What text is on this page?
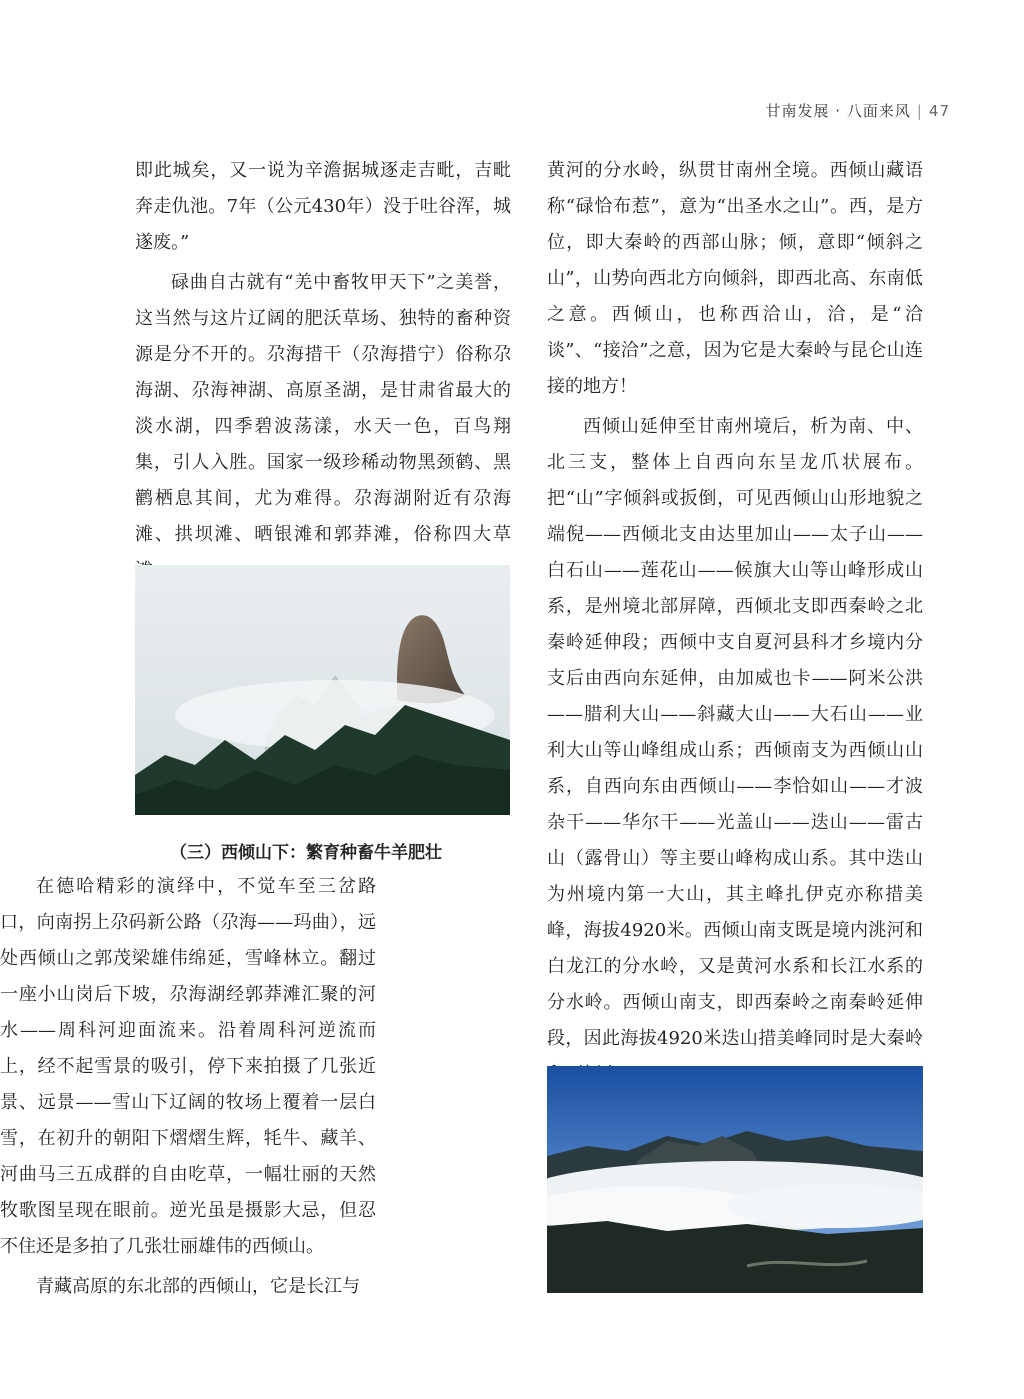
甘南发展 · 八面来风 | 47

即此城矣，又一说为辛澹据城逐走吉毗，吉毗奔走仇池。7年（公元430年）没于吐谷浑，城遂废。”

碌曲自古就有“羌中畜牧甲天下”之美誉，这当然与这片辽阔的肥沃草场、独特的畜种资源是分不开的。尕海措干（尕海措宁）俗称尕海湖、尕海神湖、高原圣湖，是甘肃省最大的淡水湖，四季碧波荡漾，水天一色，百鸟翔集，引人入胜。国家一级珍稀动物黑颈鹤、黑鹳栖息其间，尤为难得。尕海湖附近有尕海滩、拱坝滩、晒银滩和郭莽滩，俗称四大草

（三）西倾山下：繁育种畜牛羊肥壮

在德哈精彩的演绎中，不觉车至三岔路口，向南拐上尕码新公路（尕海——玛曲），远处西倾山之郭茂梁雄伟绵延，雪峰林立。翻过一座小山岗后下坡，尕海湖经郭莽滩汇聚的河水——周科河迎面流来。沿着周科河逆流而上，经不起雪景的吸引，停下来拍摄了几张近景、远景——雪山下辽阔的牧场上覆着一层白雪，在初升的朝阳下熠熠生辉，牦牛、藏羊、河曲马三五成群的自由吃草，一幅壮丽的天然牧歌图呈现在眼前。逆光虽是摄影大忌，但忍不住还是多拍了几张壮丽雄伟的西倾山。

青藏高原的东北部的西倾山，它是长江与

黄河的分水岭，纵贯甘南州全境。西倾山藏语称“碌恰布惹”，意为“出圣水之山”。西，是方位，即大秦岭的西部山脉；倾，意即“倾斜之山”，山势向西北方向倾斜，即西北高、东南低之意。西倾山，也称西洽山，洽，是“洽谈”、“接洽”之意，因为它是大秦岭与昆仑山连接的地方！

西倾山延伸至甘南州境后，析为南、中、北三支，整体上自西向东呈龙爪状展布。把“山”字倾斜或扳倒，可见西倾山山形地貌之端倪——西倾北支由达里加山——太子山——白石山——莲花山——候旗大山等山峰形成山系，是州境北部屏障，西倾北支即西秦岭之北秦岭延伸段；西倾中支自夏河县科才乡境内分支后由西向东延伸，由加威也卡——阿米公洪——腊利大山——斜藏大山——大石山——业利大山等山峰组成山系；西倾南支为西倾山山系，自西向东由西倾山——李恰如山——才波杂干——华尔干——光盖山——迭山——雷古山（露骨山）等主要山峰构成山系。其中迭山为州境内第一大山，其主峰扎伊克亦称措美峰，海拔4920米。西倾山南支既是境内洮河和白龙江的分水岭，又是黄河水系和长江水系的分水岭。西倾山南支，即西秦岭之南秦岭延伸段，因此海拔4920米迭山措美峰同时是大秦岭
